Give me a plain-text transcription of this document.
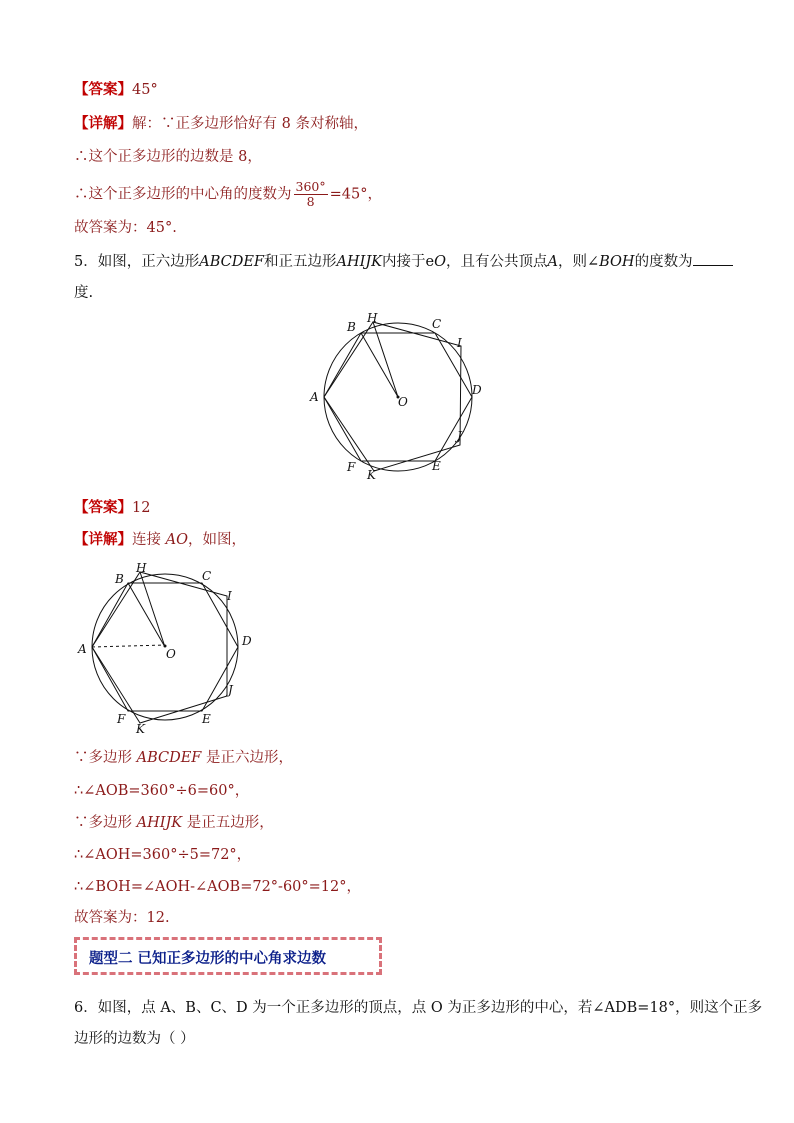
【答案】45°
【详解】解：∵正多边形恰好有 8 条对称轴，
∴这个正多边形的边数是 8，
∴这个正多边形的中心角的度数为 $\frac{360^\circ}{8} =45^\circ$，
故答案为：45°.
5．如图，正六边形ABCDEF和正五边形AHIJK内接于eO，且有公共顶点A，则∠BOH的度数为
度.
A
B
H	C
I
D
J
E
F
K
O
【答案】12
【详解】连接 AO，如图，
A
B
H
C
I
D
J
E
F
K
O
∵多边形 ABCDEF 是正六边形，
∴∠AOB=360°÷6=60°，
∵多边形 AHIJK 是正五边形，
∴∠AOH=360°÷5=72°，
∴∠BOH=∠AOH-∠AOB=72°-60°=12°，
故答案为：12.
题型二 已知正多边形的中心角求边数
6．如图，点 A、B、C、D 为一个正多边形的顶点，点 O 为正多边形的中心，若∠ADB=18°，则这个正多
边形的边数为（ ）
